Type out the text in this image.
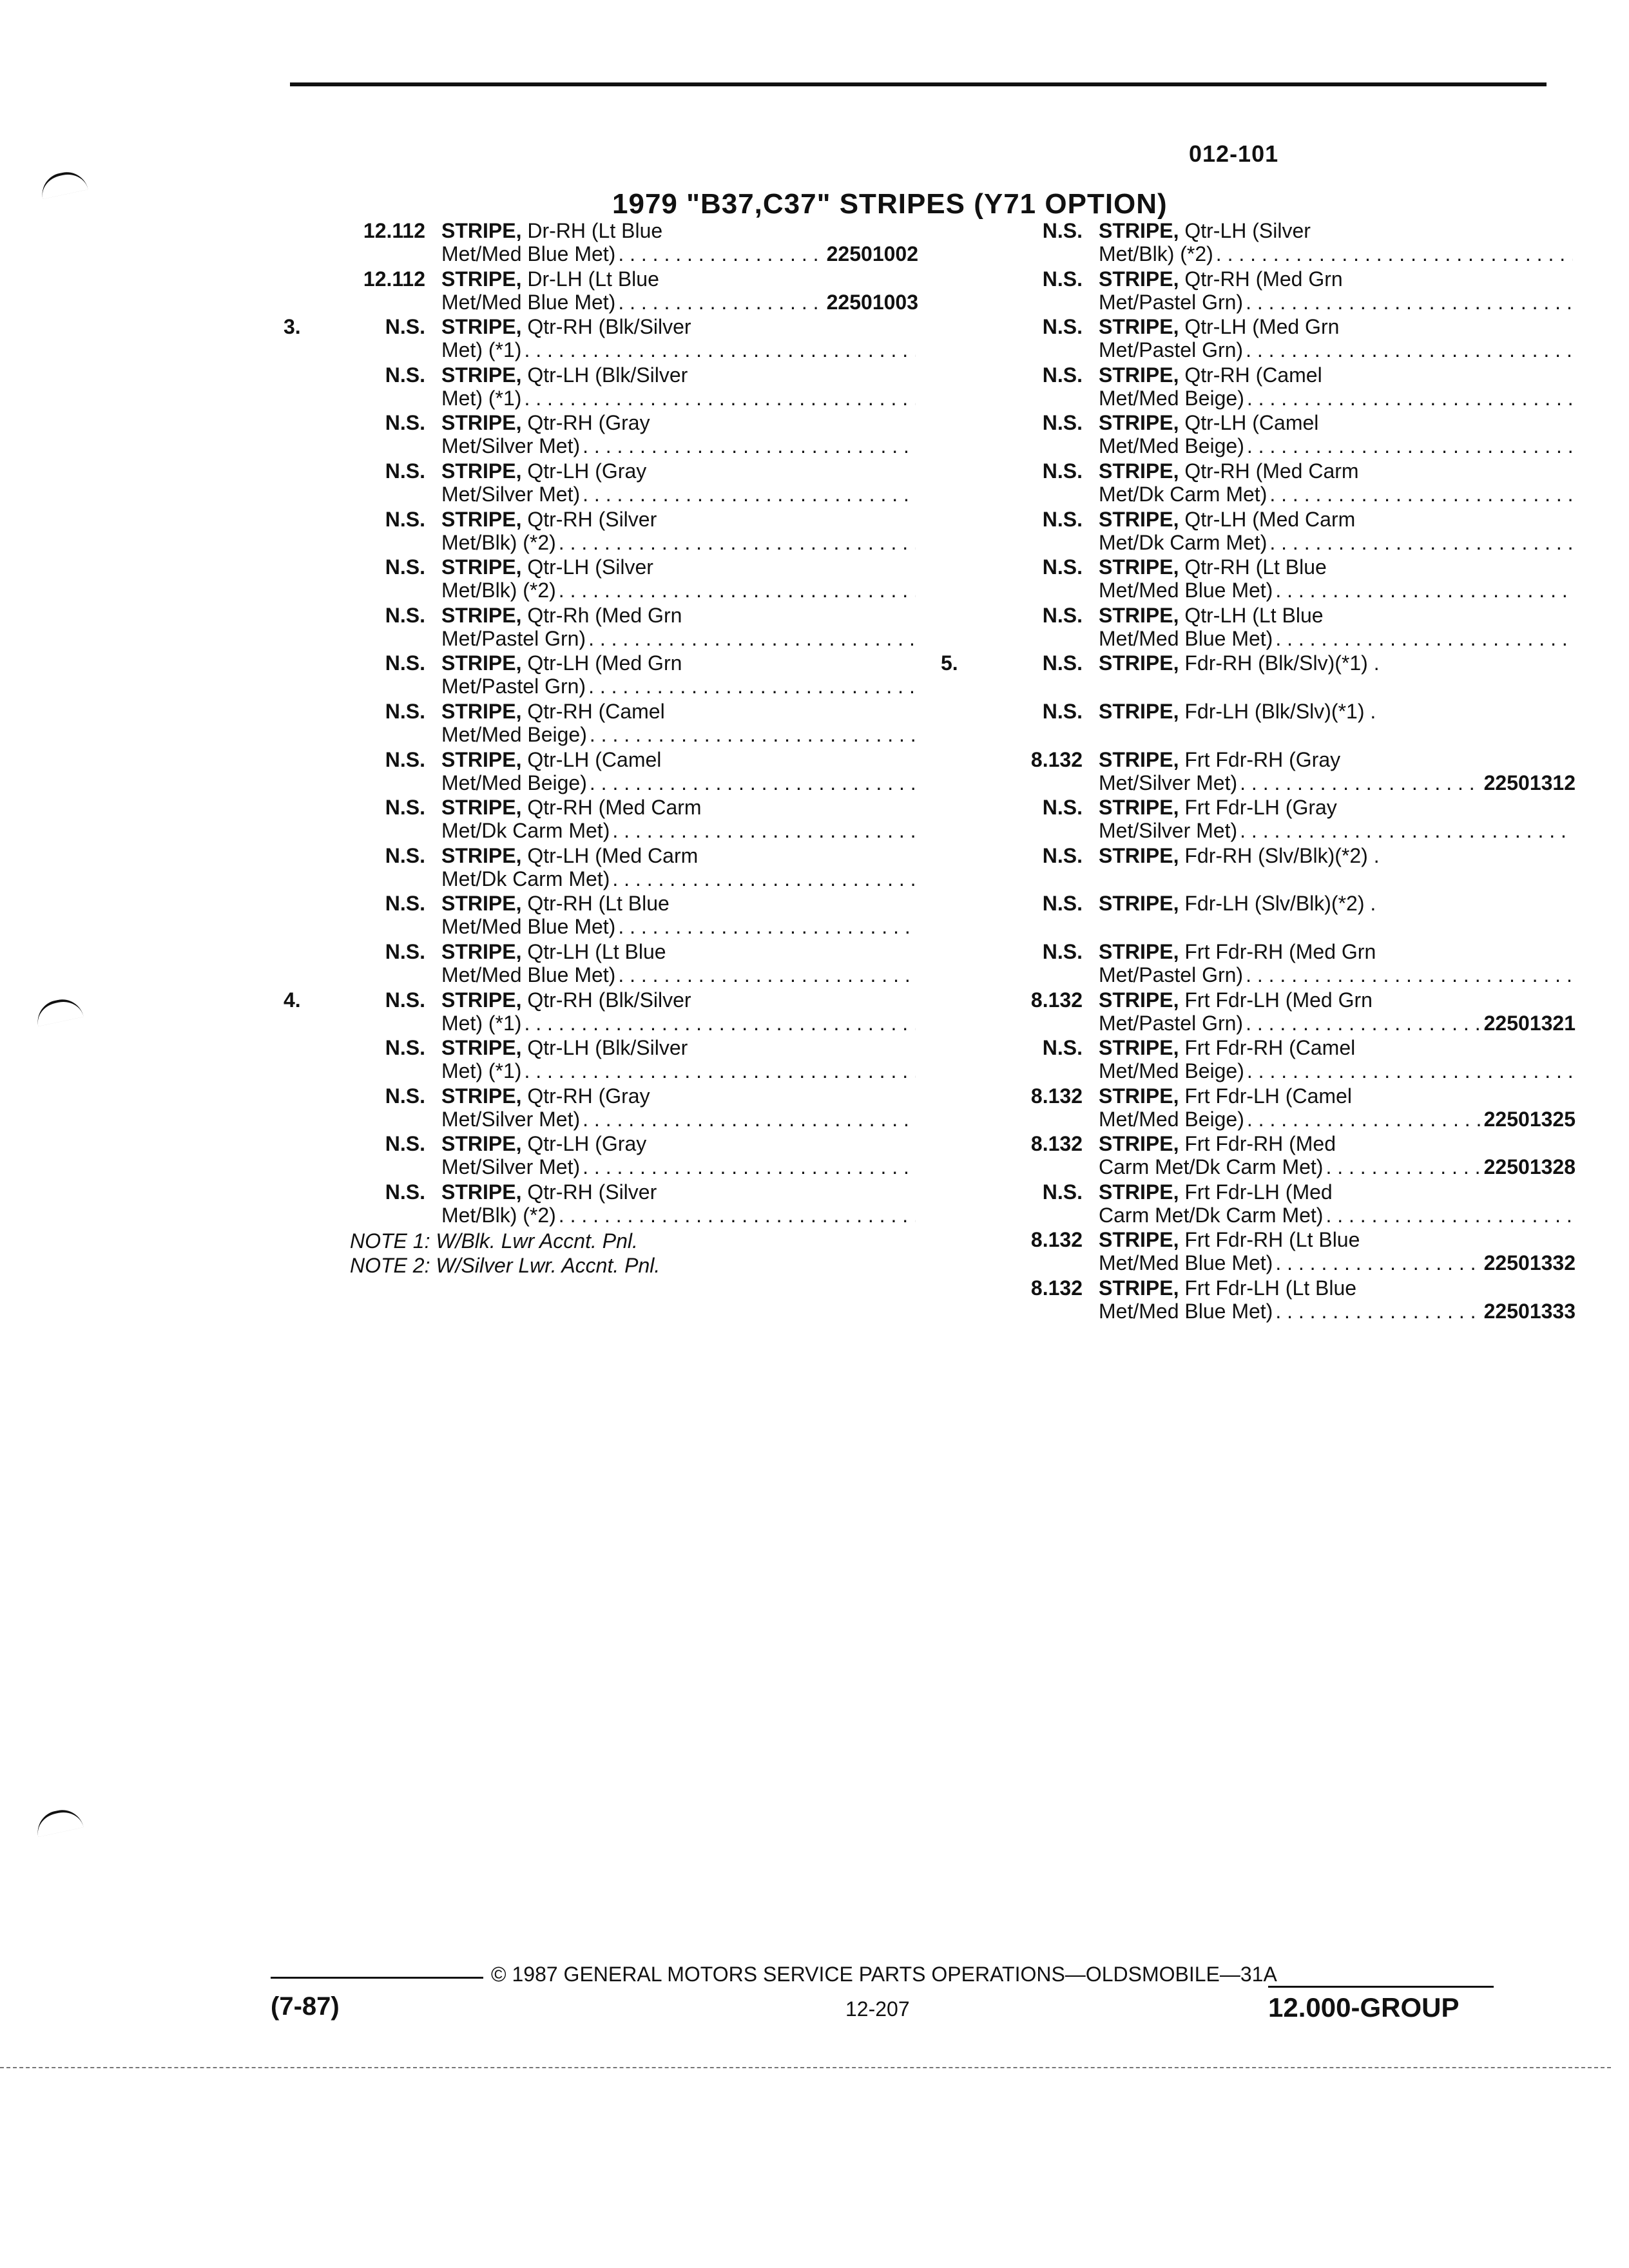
012-101
1979 "B37,C37" STRIPES (Y71 OPTION)
12.112 STRIPE, Dr-RH (Lt Blue
Met/Med Blue Met) . . .	22501002
12.112 STRIPE, Dr-LH (Lt Blue
Met/Med Blue Met) . . .	22501003
3.	N.S. STRIPE, Qtr-RH (Blk/Silver
Met) (*1)
. . .
N.S. STRIPE, Qtr-LH (Blk/Silver
Met) (*1)
. . .
N.S. STRIPE, Qtr-RH (Gray
Met/Silver Met)
. . .
N.S. STRIPE, Qtr-LH (Gray
Met/Silver Met)
. . .
N.S. STRIPE, Qtr-RH (Silver
Met/Blk) (*2)
. . .
N.S. STRIPE, Qtr-LH (Silver
Met/Blk) (*2)
. . .
N.S. STRIPE, Qtr-Rh (Med Grn
Met/Pastel Grn)
. . .
N.S. STRIPE, Qtr-LH (Med Grn
Met/Pastel Grn)
. . .
N.S. STRIPE, Qtr-RH (Camel
Met/Med Beige)
. . .
N.S. STRIPE, Qtr-LH (Camel
Met/Med Beige)
. . .
N.S. STRIPE, Qtr-RH (Med Carm
Met/Dk Carm Met)
. . .
N.S. STRIPE, Qtr-LH (Med Carm
Met/Dk Carm Met)
. . .
N.S. STRIPE, Qtr-RH (Lt Blue
Met/Med Blue Met)
. . .
N.S. STRIPE, Qtr-LH (Lt Blue
Met/Med Blue Met)
. . .
4.	N.S. STRIPE, Qtr-RH (Blk/Silver
Met) (*1)
. . .
N.S. STRIPE, Qtr-LH (Blk/Silver
Met) (*1)
. . .
N.S. STRIPE, Qtr-RH (Gray
Met/Silver Met)
. . .
N.S. STRIPE, Qtr-LH (Gray
Met/Silver Met)
. . .
N.S. STRIPE, Qtr-RH (Silver
Met/Blk) (*2)
. . .
N.S. STRIPE, Qtr-LH (Silver
Met/Blk) (*2)
. . .
N.S. STRIPE, Qtr-RH (Med Grn
Met/Pastel Grn)
. . .
N.S. STRIPE, Qtr-LH (Med Grn
Met/Pastel Grn)
. . .
N.S. STRIPE, Qtr-RH (Camel
Met/Med Beige)
. . .
N.S. STRIPE, Qtr-LH (Camel
Met/Med Beige)
. . .
N.S. STRIPE, Qtr-RH (Med Carm
Met/Dk Carm Met)
. . .
N.S. STRIPE, Qtr-LH (Med Carm
Met/Dk Carm Met)
. . .
N.S. STRIPE, Qtr-RH (Lt Blue
Met/Med Blue Met)
. . .
N.S. STRIPE, Qtr-LH (Lt Blue
Met/Med Blue Met)
. . .
5.	N.S. STRIPE, Fdr-RH (Blk/Slv)(*1) .
N.S. STRIPE, Fdr-LH (Blk/Slv)(*1) .
8.132 STRIPE, Frt Fdr-RH (Gray
Met/Silver Met) . . .	22501312
N.S. STRIPE, Frt Fdr-LH (Gray
Met/Silver Met)
. . .
N.S. STRIPE, Fdr-RH (Slv/Blk)(*2) .
N.S. STRIPE, Fdr-LH (Slv/Blk)(*2) .
N.S. STRIPE, Frt Fdr-RH (Med Grn
Met/Pastel Grn)
. . .
8.132 STRIPE, Frt Fdr-LH (Med Grn
Met/Pastel Grn) . . .	22501321
N.S. STRIPE, Frt Fdr-RH (Camel
Met/Med Beige)
. . .
8.132 STRIPE, Frt Fdr-LH (Camel
Met/Med Beige) . . .	22501325
8.132 STRIPE, Frt Fdr-RH (Med
Carm Met/Dk Carm Met) . . .	22501328
N.S. STRIPE, Frt Fdr-LH (Med
Carm Met/Dk Carm Met)
. . .
8.132 STRIPE, Frt Fdr-RH (Lt Blue
Met/Med Blue Met) . . .	22501332
8.132 STRIPE, Frt Fdr-LH (Lt Blue
Met/Med Blue Met) . . .	22501333
NOTE 1: W/Blk. Lwr Accnt. Pnl.
NOTE 2: W/Silver Lwr. Accnt. Pnl.
© 1987 GENERAL MOTORS SERVICE PARTS OPERATIONS—OLDSMOBILE—31A
(7-87)	12-207	12.000-GROUP
